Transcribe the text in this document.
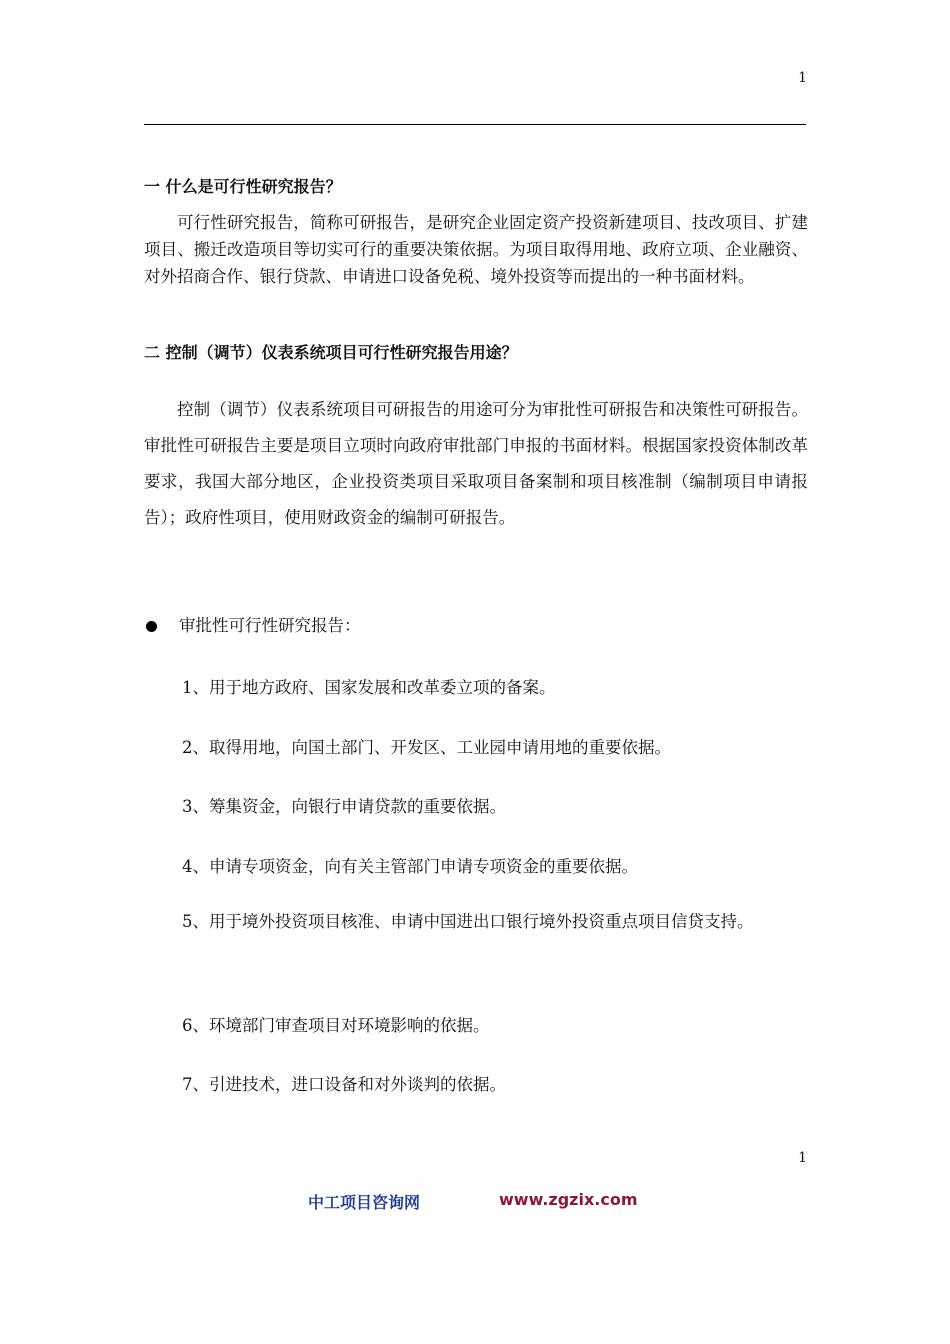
1
一 什么是可行性研究报告？
可行性研究报告，简称可研报告，是研究企业固定资产投资新建项目、技改项目、扩建项目、搬迁改造项目等切实可行的重要决策依据。为项目取得用地、政府立项、企业融资、对外招商合作、银行贷款、申请进口设备免税、境外投资等而提出的一种书面材料。
二 控制（调节）仪表系统项目可行性研究报告用途？
控制（调节）仪表系统项目可研报告的用途可分为审批性可研报告和决策性可研报告。审批性可研报告主要是项目立项时向政府审批部门申报的书面材料。根据国家投资体制改革要求，我国大部分地区，企业投资类项目采取项目备案制和项目核准制（编制项目申请报告）；政府性项目，使用财政资金的编制可研报告。
审批性可行性研究报告：
1、用于地方政府、国家发展和改革委立项的备案。
2、取得用地，向国土部门、开发区、工业园申请用地的重要依据。
3、筹集资金，向银行申请贷款的重要依据。
4、申请专项资金，向有关主管部门申请专项资金的重要依据。
5、用于境外投资项目核准、申请中国进出口银行境外投资重点项目信贷支持。
6、环境部门审查项目对环境影响的依据。
7、引进技术，进口设备和对外谈判的依据。
1
中工项目咨询网	www.zgzix.com
